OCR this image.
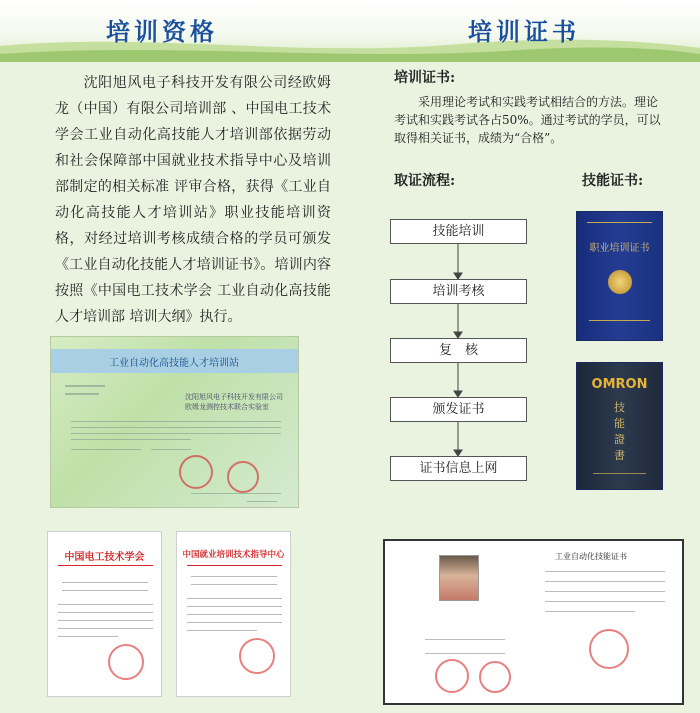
培训资格	培训证书
沈阳旭风电子科技开发有限公司经欧姆龙（中国）有限公司培训部 、中国电工技术学会工业自动化高技能人才培训部依据劳动和社会保障部中国就业技术指导中心及培训部制定的相关标准 评审合格，获得《工业自动化高技能人才培训站》职业技能培训资格，对经过培训考核成绩合格的学员可颁发《工业自动化技能人才培训证书》。培训内容按照《中国电工技术学会 工业自动化高技能人才培训部 培训大纲》执行。
工业自动化高技能人才培训站
沈阳旭风电子科技开发有限公司
欧姆龙测控技术联合实验室
中国电工技术学会	中国就业培训技术指导中心
培训证书:
采用理论考试和实践考试相结合的方法。理论考试和实践考试各占50%。通过考试的学员，可以取得相关证书，成绩为“合格”。
取证流程:	技能证书:
技能培训
培训考核
复　核
颁发证书
证书信息上网
职业培训证书
OMRON
技
能
證
書
工业自动化技能证书
